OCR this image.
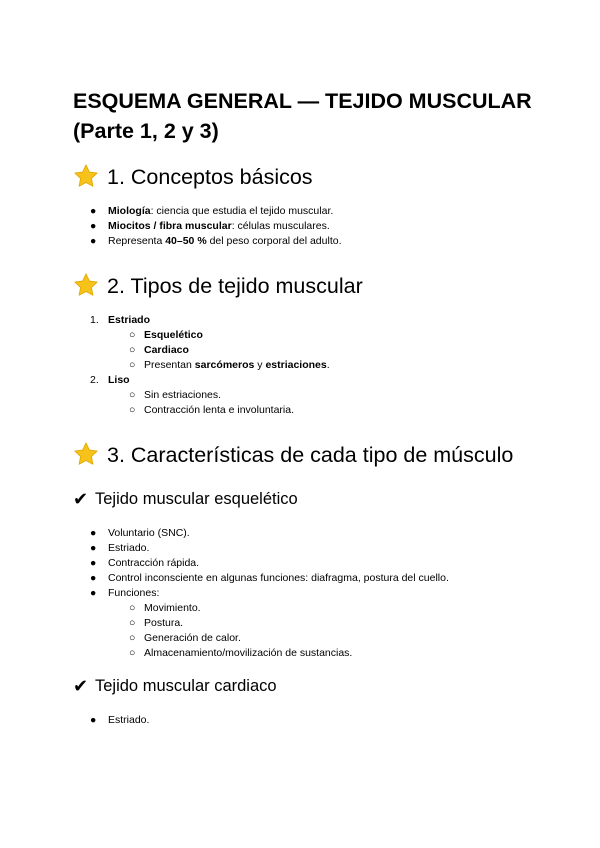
ESQUEMA GENERAL — TEJIDO MUSCULAR (Parte 1, 2 y 3)
1. Conceptos básicos
● Miología: ciencia que estudia el tejido muscular.
● Miocitos / fibra muscular: células musculares.
● Representa 40–50 % del peso corporal del adulto.
2. Tipos de tejido muscular
1. Estriado
○ Esquelético
○ Cardiaco
○ Presentan sarcómeros y estriaciones.
2. Liso
○ Sin estriaciones.
○ Contracción lenta e involuntaria.
3. Características de cada tipo de músculo
✔ Tejido muscular esquelético
● Voluntario (SNC).
● Estriado.
● Contracción rápida.
● Control inconsciente en algunas funciones: diafragma, postura del cuello.
● Funciones:
○ Movimiento.
○ Postura.
○ Generación de calor.
○ Almacenamiento/movilización de sustancias.
✔ Tejido muscular cardiaco
● Estriado.
